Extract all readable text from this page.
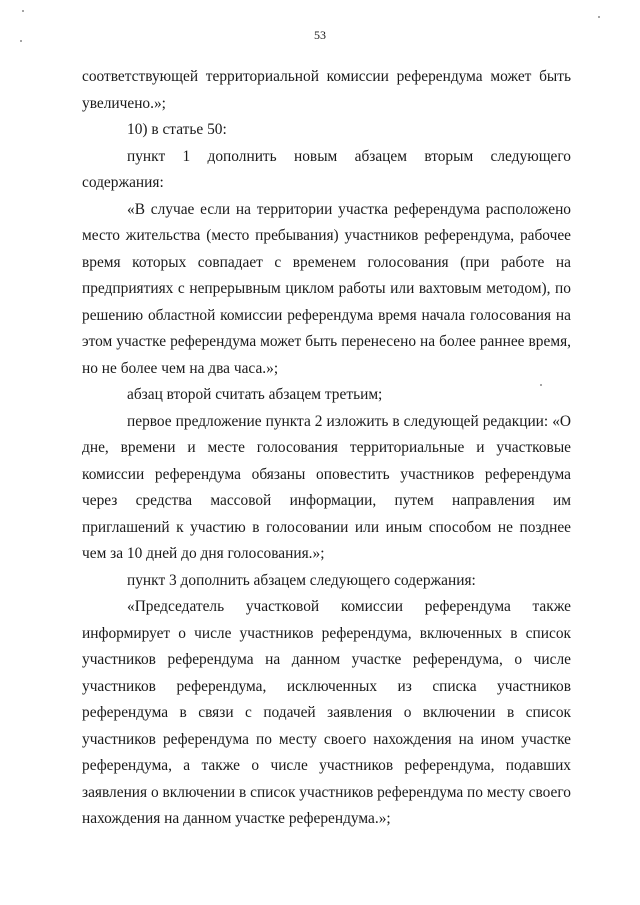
53

соответствующей территориальной комиссии референдума может быть увеличено.»;

10) в статье 50:

пункт 1 дополнить новым абзацем вторым следующего содержания:

«В случае если на территории участка референдума расположено место жительства (место пребывания) участников референдума, рабочее время которых совпадает с временем голосования (при работе на предприятиях с непрерывным циклом работы или вахтовым методом), по решению областной комиссии референдума время начала голосования на этом участке референдума может быть перенесено на более раннее время, но не более чем на два часа.»;

абзац второй считать абзацем третьим;

первое предложение пункта 2 изложить в следующей редакции: «О дне, времени и месте голосования территориальные и участковые комиссии референдума обязаны оповестить участников референдума через средства массовой информации, путем направления им приглашений к участию в голосовании или иным способом не позднее чем за 10 дней до дня голосования.»;

пункт 3 дополнить абзацем следующего содержания:

«Председатель участковой комиссии референдума также информирует о числе участников референдума, включенных в список участников референдума на данном участке референдума, о числе участников референдума, исключенных из списка участников референдума в связи с подачей заявления о включении в список участников референдума по месту своего нахождения на ином участке референдума, а также о числе участников референдума, подавших заявления о включении в список участников референдума по месту своего нахождения на данном участке референдума.»;
